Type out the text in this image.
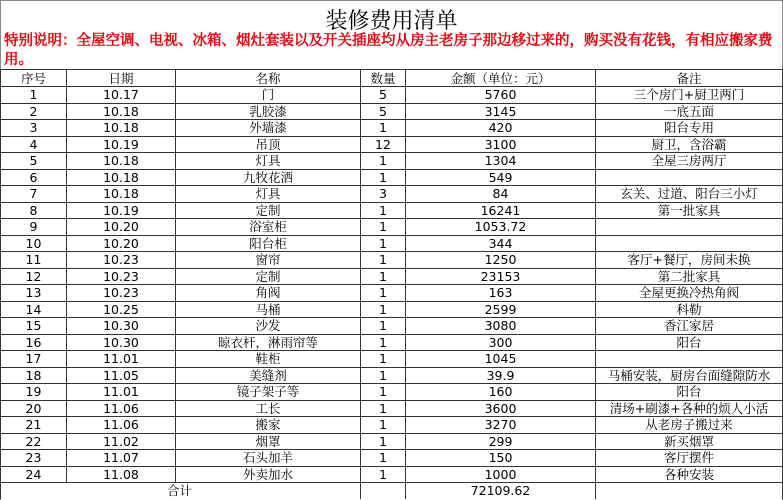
装修费用清单
特别说明：全屋空调、电视、冰箱、烟灶套装以及开关插座均从房主老房子那边移过来的，购买没有花钱，有相应搬家费用。
序号	日期	名称	数量	金额（单位：元）	备注
1	10.17	门	5	5760	三个房门+厨卫两门
2	10.18	乳胶漆	5	3145	一底五面
3	10.18	外墙漆	1	420	阳台专用
4	10.19	吊顶	12	3100	厨卫，含浴霸
5	10.18	灯具	1	1304	全屋三房两厅
6	10.18	九牧花洒	1	549	
7	10.18	灯具	3	84	玄关、过道、阳台三小灯
8	10.19	定制	1	16241	第一批家具
9	10.20	浴室柜	1	1053.72	
10	10.20	阳台柜	1	344	
11	10.23	窗帘	1	1250	客厅+餐厅，房间未换
12	10.23	定制	1	23153	第二批家具
13	10.23	角阀	1	163	全屋更换冷热角阀
14	10.25	马桶	1	2599	科勒
15	10.30	沙发	1	3080	香江家居
16	10.30	晾衣杆，淋雨帘等	1	300	阳台
17	11.01	鞋柜	1	1045	
18	11.05	美缝剂	1	39.9	马桶安装，厨房台面缝隙防水
19	11.01	镜子架子等	1	160	阳台
20	11.06	工长	1	3600	清场+刷漆+各种的烦人小活
21	11.06	搬家	1	3270	从老房子搬过来
22	11.02	烟罩	1	299	新买烟罩
23	11.07	石头加羊	1	150	客厅摆件
24	11.08	外卖加水	1	1000	各种安装
合计				72109.62	
